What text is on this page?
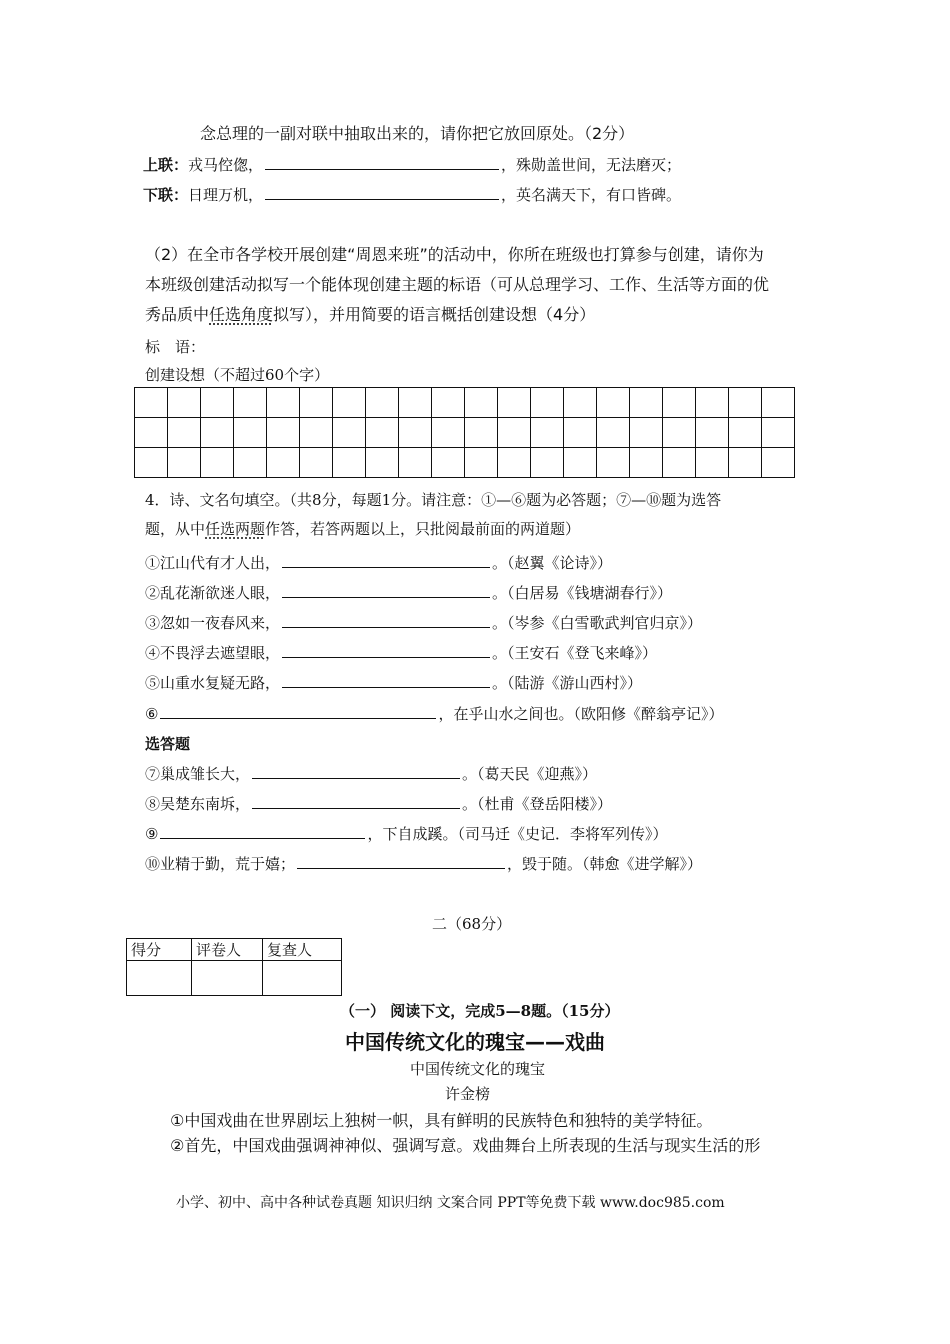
念总理的一副对联中抽取出来的，请你把它放回原处。（2分）
上联：戎马倥偬，	，殊勋盖世间，无法磨灭；
下联：日理万机，	，英名满天下，有口皆碑。
（2）在全市各学校开展创建“周恩来班”的活动中，你所在班级也打算参与创建，请你为
本班级创建活动拟写一个能体现创建主题的标语（可从总理学习、工作、生活等方面的优
秀品质中任选角度拟写），并用简要的语言概括创建设想（4分）
标　语：
创建设想（不超过60个字）

4．诗、文名句填空。（共8分，每题1分。请注意：①—⑥题为必答题；⑦—⑩题为选答
题，从中任选两题作答，若答两题以上，只批阅最前面的两道题）
①江山代有才人出，	。（赵翼《论诗》）
②乱花渐欲迷人眼，	。（白居易《钱塘湖春行》）
③忽如一夜春风来，	。（岑参《白雪歌武判官归京》）
④不畏浮去遮望眼，	。（王安石《登飞来峰》）
⑤山重水复疑无路，	。（陆游《游山西村》）
⑥	，在乎山水之间也。（欧阳修《醉翁亭记》）
选答题
⑦巢成雏长大，	。（葛天民《迎燕》）
⑧吴楚东南坼，	。（杜甫《登岳阳楼》）
⑨	，下自成蹊。（司马迁《史记．李将军列传》）
⑩业精于勤，荒于嬉；	，毁于随。（韩愈《进学解》）
二（68分）
得分	评卷人	复查人

（一） 阅读下文，完成5—8题。（15分）
中国传统文化的瑰宝——戏曲
中国传统文化的瑰宝
许金榜
①中国戏曲在世界剧坛上独树一帜，具有鲜明的民族特色和独特的美学特征。
②首先，中国戏曲强调神神似、强调写意。戏曲舞台上所表现的生活与现实生活的形
小学、初中、高中各种试卷真题 知识归纳 文案合同 PPT等免费下载 www.doc985.com
